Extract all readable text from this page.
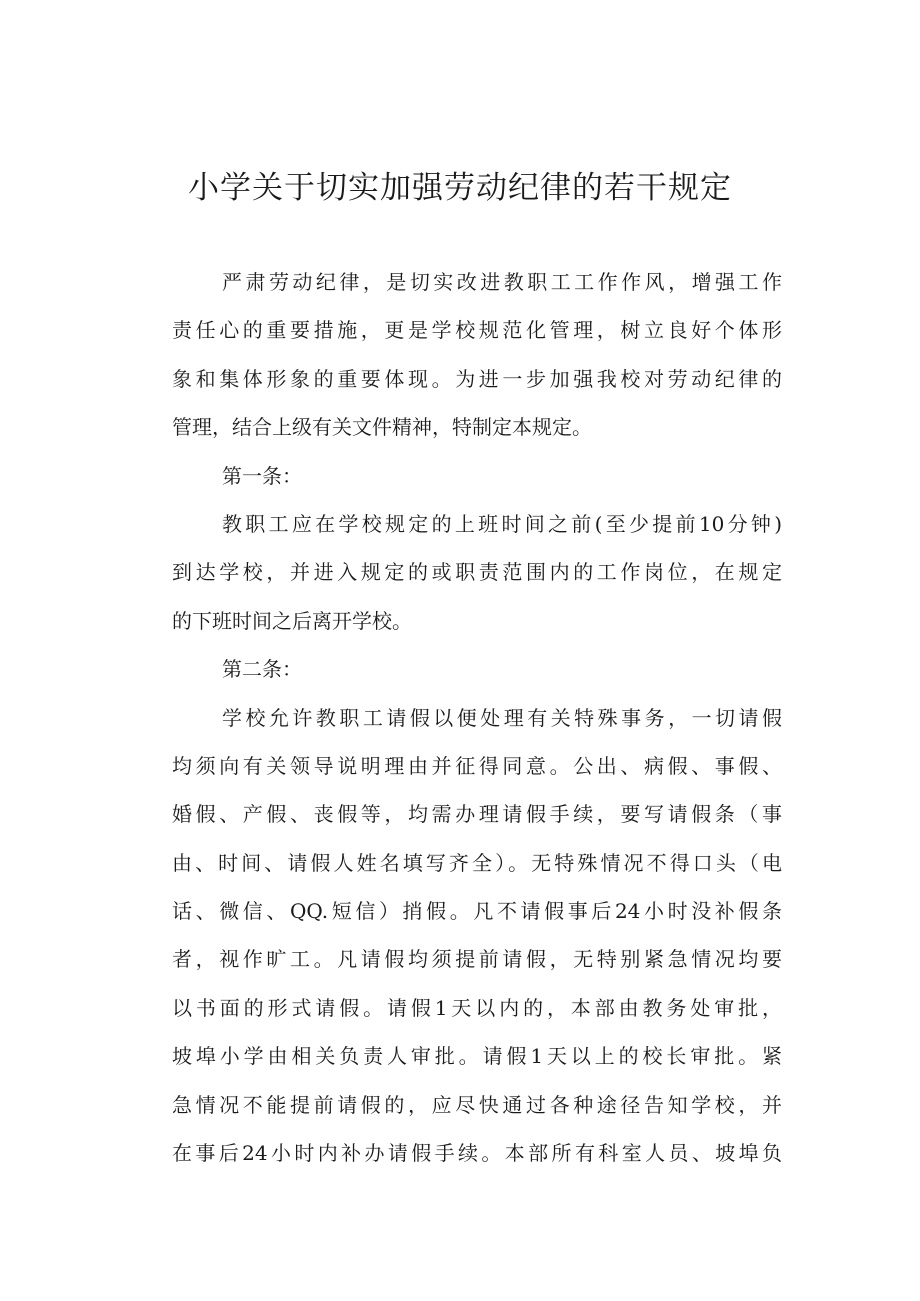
小学关于切实加强劳动纪律的若干规定
严肃劳动纪律，是切实改进教职工工作作风，增强工作
责任心的重要措施，更是学校规范化管理，树立良好个体形
象和集体形象的重要体现。为进一步加强我校对劳动纪律的
管理，结合上级有关文件精神，特制定本规定。
第一条：
教职工应在学校规定的上班时间之前(至少提前10分钟)
到达学校，并进入规定的或职责范围内的工作岗位，在规定
的下班时间之后离开学校。
第二条：
学校允许教职工请假以便处理有关特殊事务，一切请假
均须向有关领导说明理由并征得同意。公出、病假、事假、
婚假、产假、丧假等，均需办理请假手续，要写请假条（事
由、时间、请假人姓名填写齐全）。无特殊情况不得口头（电
话、微信、QQ.短信）捎假。凡不请假事后24小时没补假条
者，视作旷工。凡请假均须提前请假，无特别紧急情况均要
以书面的形式请假。请假1天以内的，本部由教务处审批，
坡埠小学由相关负责人审批。请假1天以上的校长审批。紧
急情况不能提前请假的，应尽快通过各种途径告知学校，并
在事后24小时内补办请假手续。本部所有科室人员、坡埠负
